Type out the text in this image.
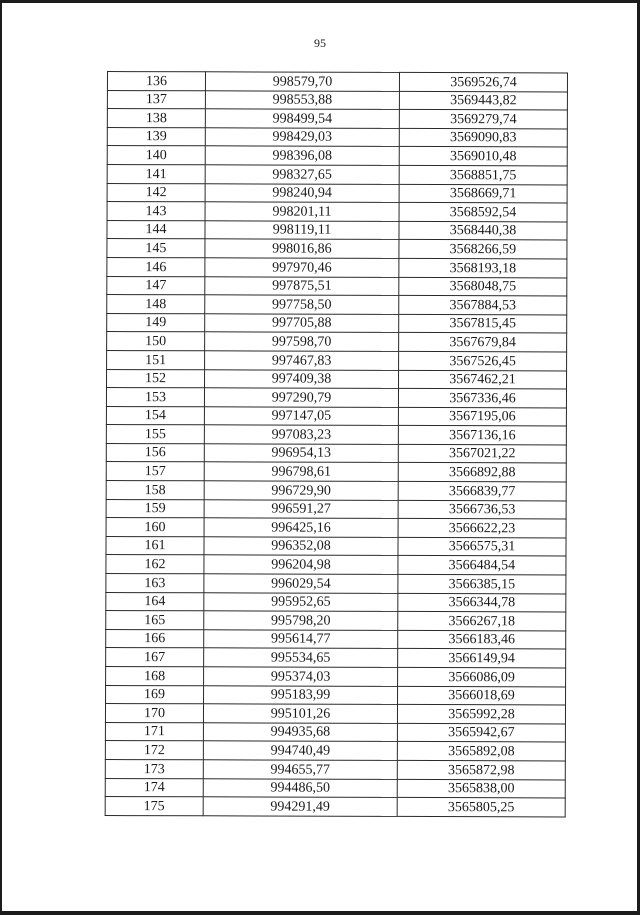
95
136	998579,70	3569526,74
137	998553,88	3569443,82
138	998499,54	3569279,74
139	998429,03	3569090,83
140	998396,08	3569010,48
141	998327,65	3568851,75
142	998240,94	3568669,71
143	998201,11	3568592,54
144	998119,11	3568440,38
145	998016,86	3568266,59
146	997970,46	3568193,18
147	997875,51	3568048,75
148	997758,50	3567884,53
149	997705,88	3567815,45
150	997598,70	3567679,84
151	997467,83	3567526,45
152	997409,38	3567462,21
153	997290,79	3567336,46
154	997147,05	3567195,06
155	997083,23	3567136,16
156	996954,13	3567021,22
157	996798,61	3566892,88
158	996729,90	3566839,77
159	996591,27	3566736,53
160	996425,16	3566622,23
161	996352,08	3566575,31
162	996204,98	3566484,54
163	996029,54	3566385,15
164	995952,65	3566344,78
165	995798,20	3566267,18
166	995614,77	3566183,46
167	995534,65	3566149,94
168	995374,03	3566086,09
169	995183,99	3566018,69
170	995101,26	3565992,28
171	994935,68	3565942,67
172	994740,49	3565892,08
173	994655,77	3565872,98
174	994486,50	3565838,00
175	994291,49	3565805,25
